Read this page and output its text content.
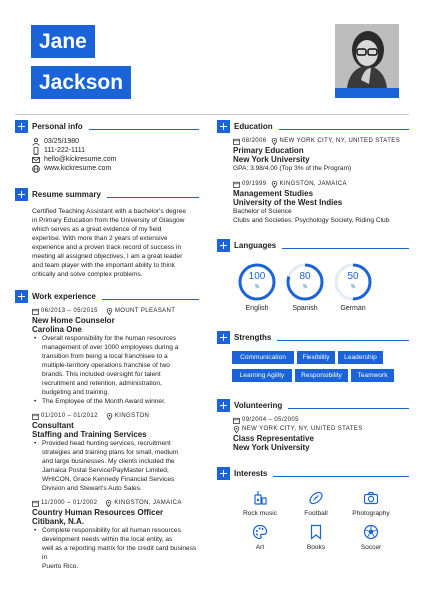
Jane
Jackson
Personal info
03/25/1980
111-222-1111
hello@kickresume.com
www.kickresume.com
Resume summary
Certified Teaching Assistant with a bachelor's degree
in Primary Education from the University of Glasgow
which serves as a great evidence of my field
expertise. With more than 2 years of extensive
experience and a proven track record of success in
meeting all assigned objectives, I am a great leader
and team player with the important ability to think
critically and solve complex problems.
Work experience
06/2013 – 05/2015	MOUNT PLEASANT
New Home Counselor
Carolina One
• Overall responsibility for the human resources
management of over 1000 employees during a
transition from being a local franchisee to a
multiple-territory operations franchise of two
brands. This included oversight for talent
recruitment and retention, administration,
budgeting and training.
• The Employee of the Month Award winner.
01/2010 – 01/2012	KINGSTON
Consultant
Staffing and Training Services
• Provided head hunting services, recruitment
strategies and training plans for small, medium
and large businesses. My clients included the
Jamaica Postal Service/PayMaster Limited,
WHICON, Grace Kennedy Financial Services
Division and Stewart's Auto Sales.
11/2000 – 01/2002	KINGSTON, JAMAICA
Country Human Resources Officer
Citibank, N.A.
• Complete responsibility for all human resources
development needs within the local entity, as
well as a reporting matrix for the credit card business in
Puerto Rico.
Education
08/2006 NEW YORK CITY, NY, UNITED STATES
Primary Education
New York University
GPA: 3.98/4.00 (Top 3% of the Program)
09/1999 KINGSTON, JAMAICA
Management Studies
University of the West Indies
Bachelor of Science
Clubs and Societies: Psychology Society, Riding Club
Languages
100
%
English
80
%
Spanish
50
%
German
Strengths
Communication	Flexibility	Leadership
Learning Agility	Responsibility	Teamwork
Volunteering
09/2004 – 05/2005
NEW YORK CITY, NY, UNITED STATES
Class Representative
New York University
Interests
Rock music	Football	Photography
Art	Books	Soccer
